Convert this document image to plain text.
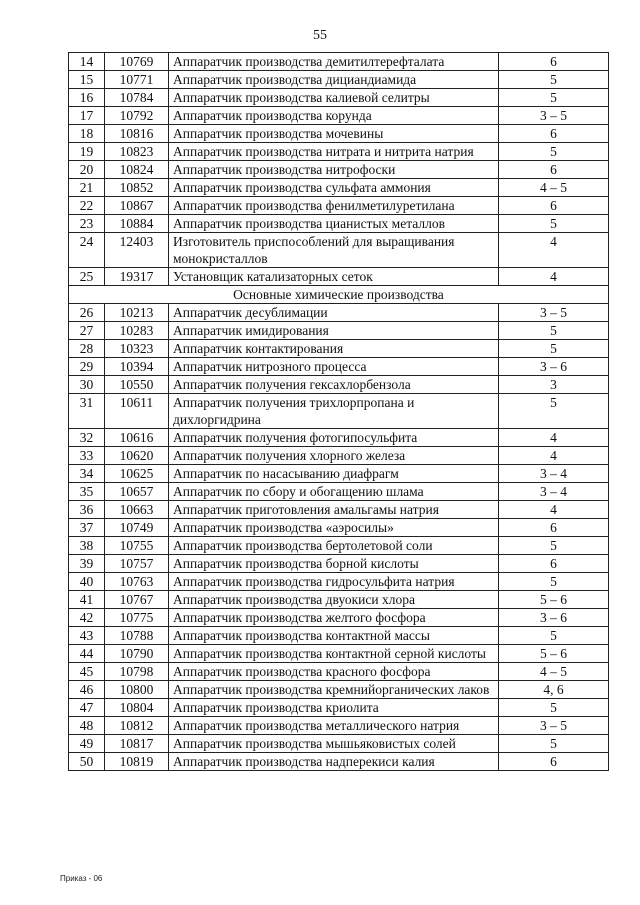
55
14	10769	Аппаратчик производства демитилтерефталата	6
15	10771	Аппаратчик производства дициандиамида	5
16	10784	Аппаратчик производства калиевой селитры	5
17	10792	Аппаратчик производства корунда	3 – 5
18	10816	Аппаратчик производства мочевины	6
19	10823	Аппаратчик производства нитрата и нитрита натрия	5
20	10824	Аппаратчик производства нитрофоски	6
21	10852	Аппаратчик производства сульфата аммония	4 – 5
22	10867	Аппаратчик производства фенилметилуретилана	6
23	10884	Аппаратчик производства цианистых металлов	5
24	12403	Изготовитель приспособлений для выращивания монокристаллов	4
25	19317	Установщик катализаторных сеток	4
Основные химические производства			
26	10213	Аппаратчик десублимации	3 – 5
27	10283	Аппаратчик имидирования	5
28	10323	Аппаратчик контактирования	5
29	10394	Аппаратчик нитрозного процесса	3 – 6
30	10550	Аппаратчик получения гексахлорбензола	3
31	10611	Аппаратчик получения трихлорпропана и дихлоргидрина	5
32	10616	Аппаратчик получения фотогипосульфита	4
33	10620	Аппаратчик получения хлорного железа	4
34	10625	Аппаратчик по насасыванию диафрагм	3 – 4
35	10657	Аппаратчик по сбору и обогащению шлама	3 – 4
36	10663	Аппаратчик приготовления амальгамы натрия	4
37	10749	Аппаратчик производства «аэросилы»	6
38	10755	Аппаратчик производства бертолетовой соли	5
39	10757	Аппаратчик производства борной кислоты	6
40	10763	Аппаратчик производства гидросульфита натрия	5
41	10767	Аппаратчик производства двуокиси хлора	5 – 6
42	10775	Аппаратчик производства желтого фосфора	3 – 6
43	10788	Аппаратчик производства контактной массы	5
44	10790	Аппаратчик производства контактной серной кислоты	5 – 6
45	10798	Аппаратчик производства красного фосфора	4 – 5
46	10800	Аппаратчик производства кремнийорганических лаков	4, 6
47	10804	Аппаратчик производства криолита	5
48	10812	Аппаратчик производства металлического натрия	3 – 5
49	10817	Аппаратчик производства мышьяковистых солей	5
50	10819	Аппаратчик производства надперекиси калия	6
Приказ - 06
